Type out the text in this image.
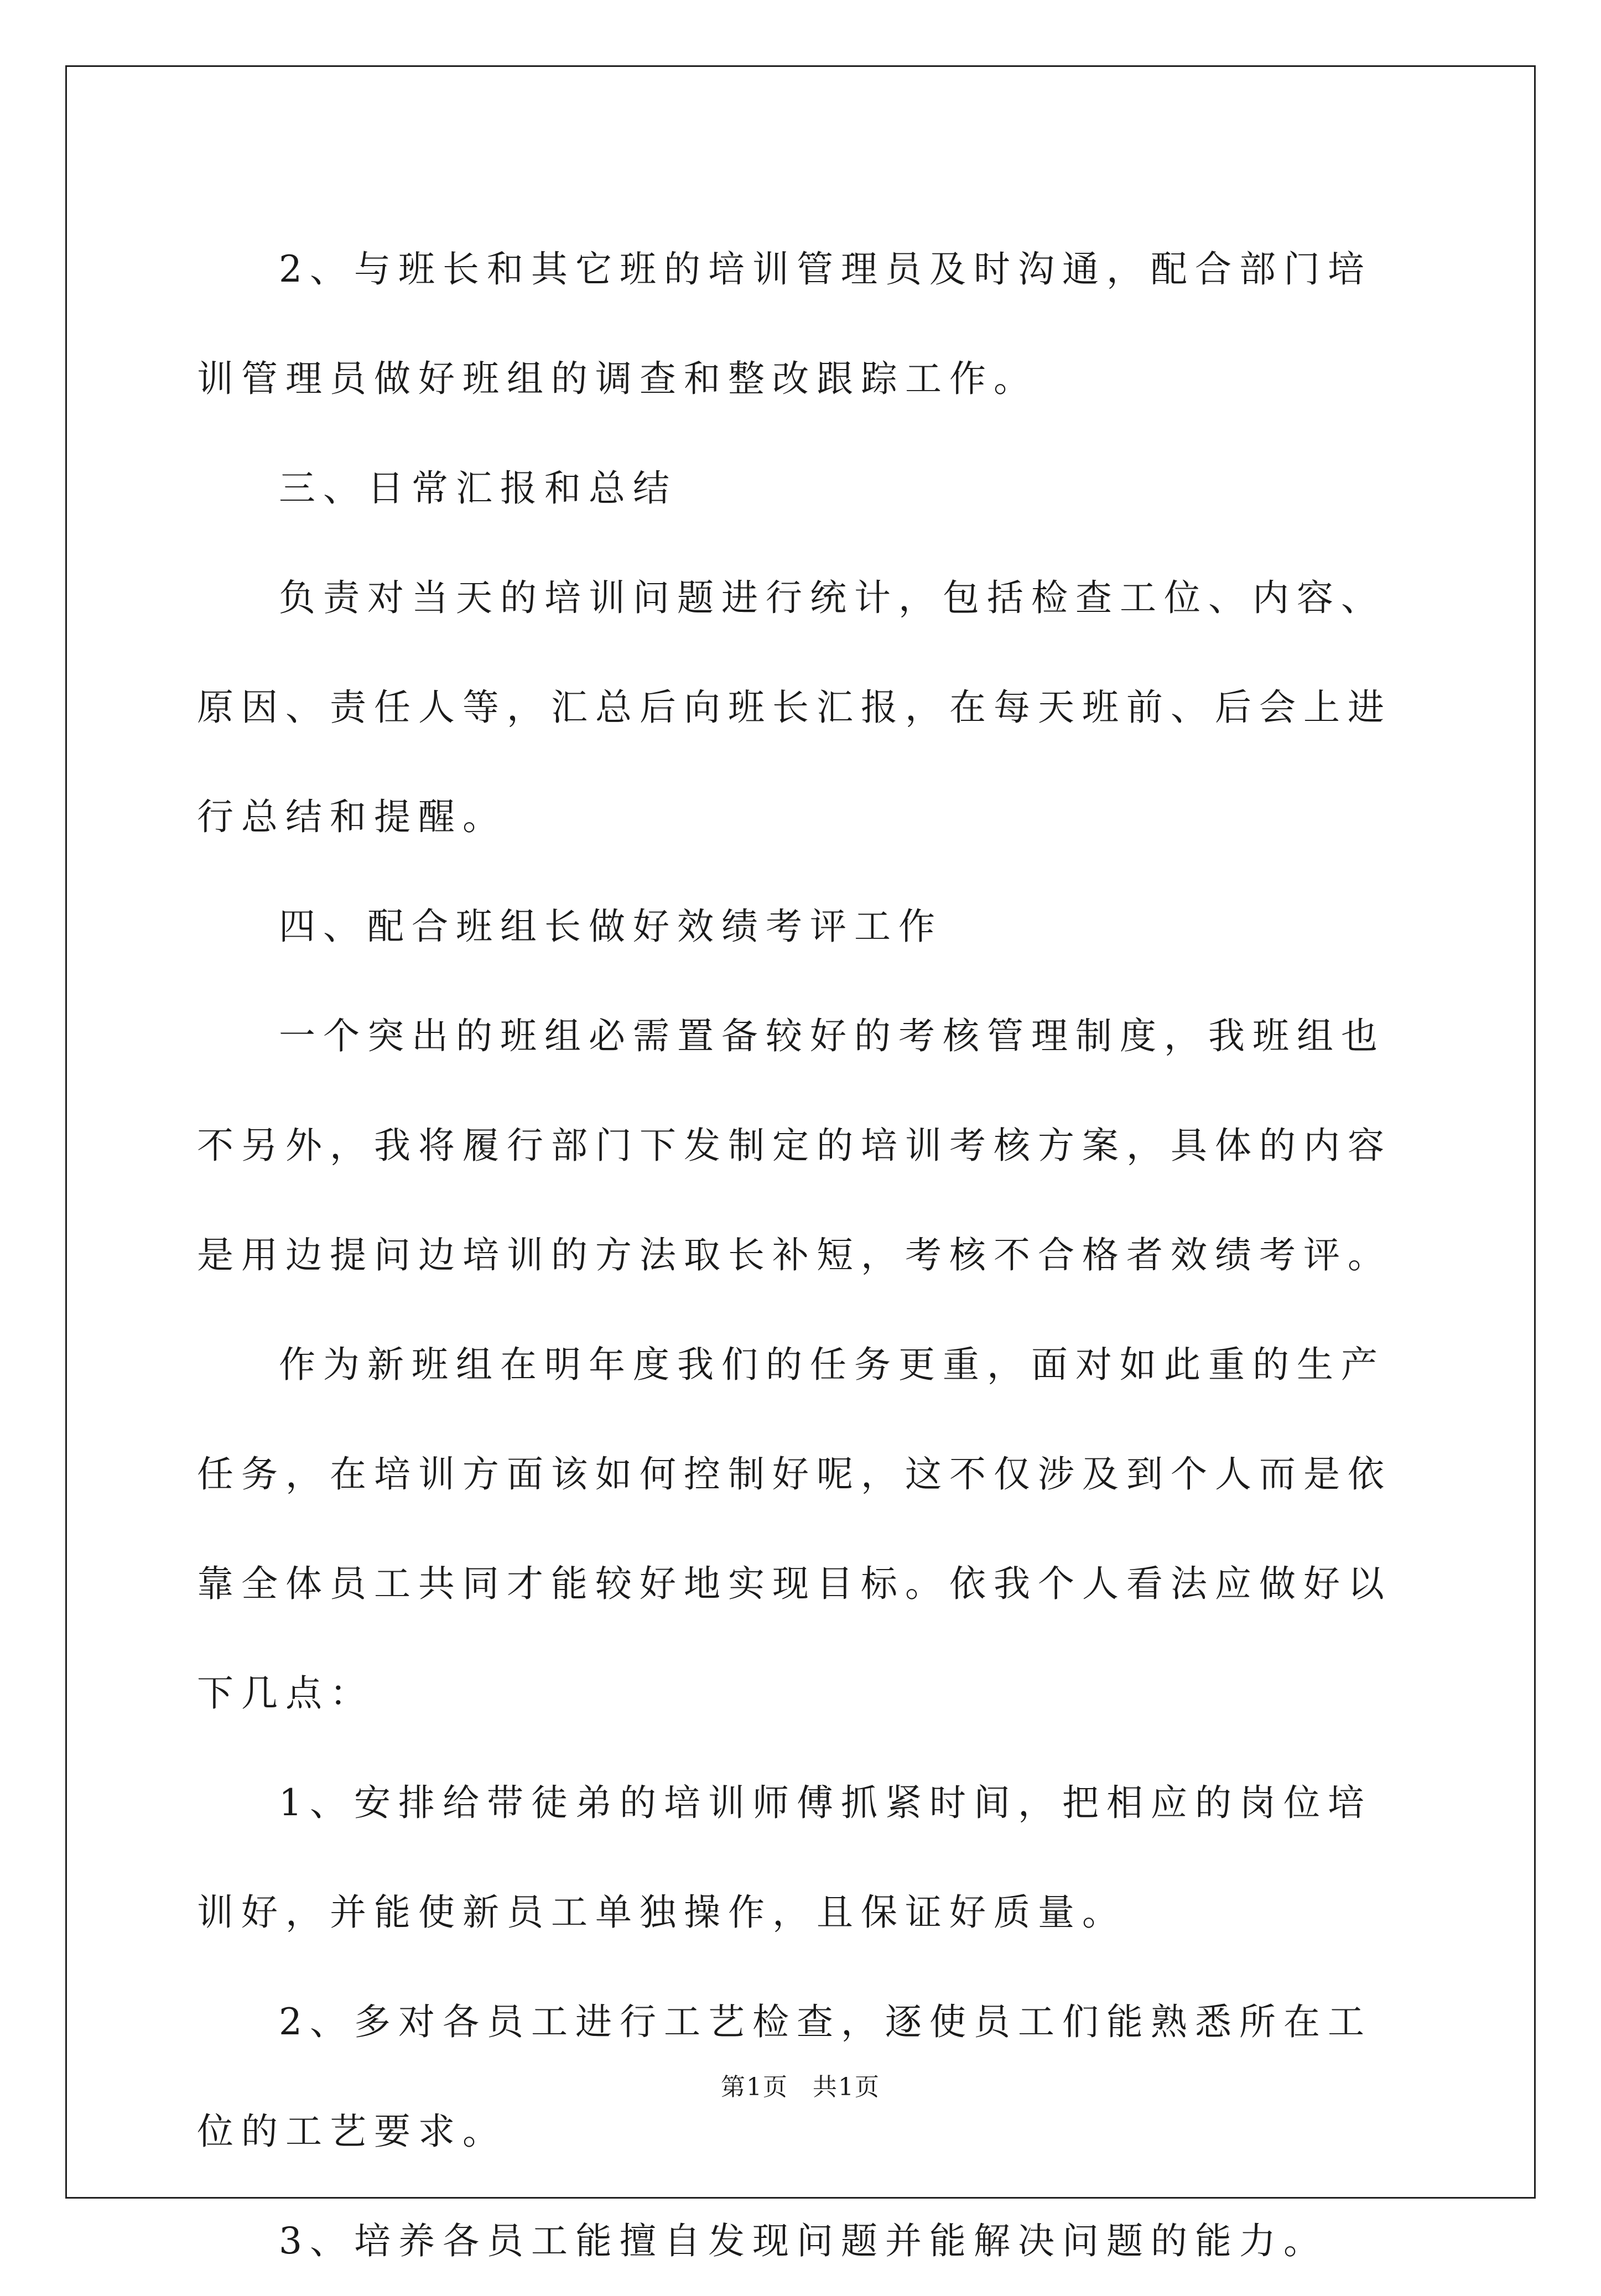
2、与班长和其它班的培训管理员及时沟通，配合部门培训管理员做好班组的调查和整改跟踪工作。

三、日常汇报和总结

负责对当天的培训问题进行统计，包括检查工位、内容、原因、责任人等，汇总后向班长汇报，在每天班前、后会上进行总结和提醒。

四、配合班组长做好效绩考评工作

一个突出的班组必需置备较好的考核管理制度，我班组也不另外，我将履行部门下发制定的培训考核方案，具体的内容是用边提问边培训的方法取长补短，考核不合格者效绩考评。

作为新班组在明年度我们的任务更重，面对如此重的生产任务，在培训方面该如何控制好呢，这不仅涉及到个人而是依靠全体员工共同才能较好地实现目标。依我个人看法应做好以下几点：

1、安排给带徒弟的培训师傅抓紧时间，把相应的岗位培训好，并能使新员工单独操作，且保证好质量。

2、多对各员工进行工艺检查，逐使员工们能熟悉所在工位的工艺要求。

3、培养各员工能擅自发现问题并能解决问题的能力。

第1页 共1页
